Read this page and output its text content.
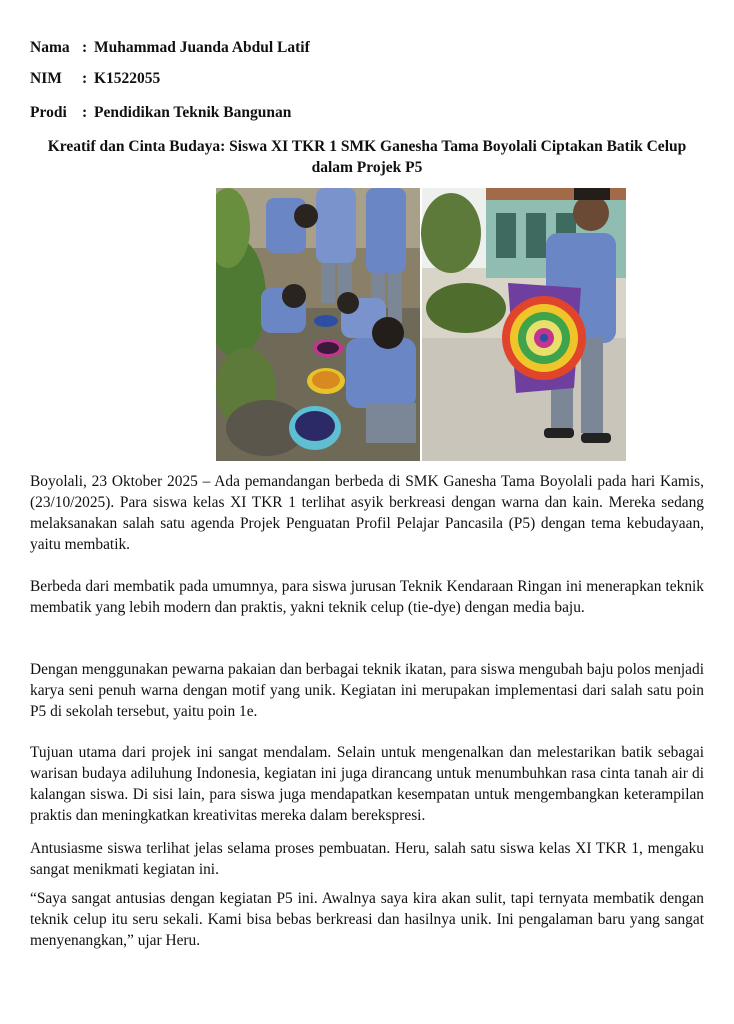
Nama : Muhammad Juanda Abdul Latif
NIM : K1522055
Prodi : Pendidikan Teknik Bangunan
Kreatif dan Cinta Budaya: Siswa XI TKR 1 SMK Ganesha Tama Boyolali Ciptakan Batik Celup dalam Projek P5

Boyolali, 23 Oktober 2025 – Ada pemandangan berbeda di SMK Ganesha Tama Boyolali pada hari Kamis, (23/10/2025). Para siswa kelas XI TKR 1 terlihat asyik berkreasi dengan warna dan kain. Mereka sedang melaksanakan salah satu agenda Projek Penguatan Profil Pelajar Pancasila (P5) dengan tema kebudayaan, yaitu membatik.

Berbeda dari membatik pada umumnya, para siswa jurusan Teknik Kendaraan Ringan ini menerapkan teknik membatik yang lebih modern dan praktis, yakni teknik celup (tie-dye) dengan media baju.

Dengan menggunakan pewarna pakaian dan berbagai teknik ikatan, para siswa mengubah baju polos menjadi karya seni penuh warna dengan motif yang unik. Kegiatan ini merupakan implementasi dari salah satu poin P5 di sekolah tersebut, yaitu poin 1e.

Tujuan utama dari projek ini sangat mendalam. Selain untuk mengenalkan dan melestarikan batik sebagai warisan budaya adiluhung Indonesia, kegiatan ini juga dirancang untuk menumbuhkan rasa cinta tanah air di kalangan siswa. Di sisi lain, para siswa juga mendapatkan kesempatan untuk mengembangkan keterampilan praktis dan meningkatkan kreativitas mereka dalam berekspresi.

Antusiasme siswa terlihat jelas selama proses pembuatan. Heru, salah satu siswa kelas XI TKR 1, mengaku sangat menikmati kegiatan ini.

“Saya sangat antusias dengan kegiatan P5 ini. Awalnya saya kira akan sulit, tapi ternyata membatik dengan teknik celup itu seru sekali. Kami bisa bebas berkreasi dan hasilnya unik. Ini pengalaman baru yang sangat menyenangkan,” ujar Heru.
